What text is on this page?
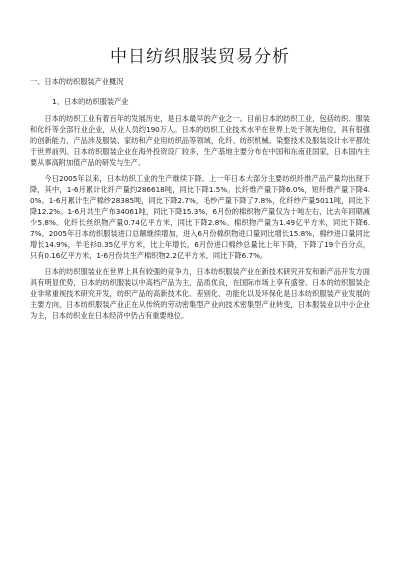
中日纺织服装贸易分析
一、日本的纺织服装产业概况
1、日本的纺织服装产业

日本的纺织工业有着百年的发展历史，是日本最早的产业之一。目前日本的纺织工业，包括纺织、服装和化纤等全部行业企业，从业人员约190万人。日本的纺织工业技术水平在世界上处于领先地位，具有很强的创新能力，产品涉及服装、家纺和产业用纺织品等领域，化纤、纺织机械、染整技术及服装设计水平都处于世界前列。日本纺织服装企业在海外投资设厂较多，生产基地主要分布在中国和东南亚国家，日本国内主要从事高附加值产品的研发与生产。

今日2005年以来，日本纺织工业的生产继续下降。上一年日本大部分主要纺织纤维产品产量均出现下降，其中，1-6月累计化纤产量约286618吨，同比下降1.5%。长纤维产量下降6.0%，短纤维产量下降4.0%。1-6月累计生产棉纱28385吨，同比下降2.7%，毛纱产量下降了7.8%，化纤纱产量5011吨，同比下降12.2%。1-6月共生产布34061吨，同比下降15.3%，6月份的棉织物产量仅为十吨左右，比去年同期减少5.8%。化纤长丝织物产量0.74亿平方米，同比下降2.8%。棉织物产量为1.49亿平方米，同比下降6.7%。2005年日本纺织服装进口总额继续增加，进入6月份棉织物进口量同比增长15.8%，棉纱进口量同比增长14.9%，羊毛衫0.35亿平方米，比上年增长，6月份进口棉纱总量比上年下降，下降了19个百分点，只有0.16亿平方米，1-6月份共生产棉织物2.2亿平方米，同比下降6.7%。

日本的纺织服装业在世界上具有较强的竞争力，日本纺织服装产业在新技术研究开发和新产品开发方面具有明显优势，日本的纺织服装以中高档产品为主，品质优良，在国际市场上享有盛誉。日本的纺织服装企业非常重视技术研究开发，纺织产品的高新技术化、差别化、功能化以及环保化是日本纺织服装产业发展的主要方向，日本纺织服装产业正在从传统的劳动密集型产业向技术密集型产业转变，日本服装业以中小企业为主，日本纺织业在日本经济中仍占有重要地位。
